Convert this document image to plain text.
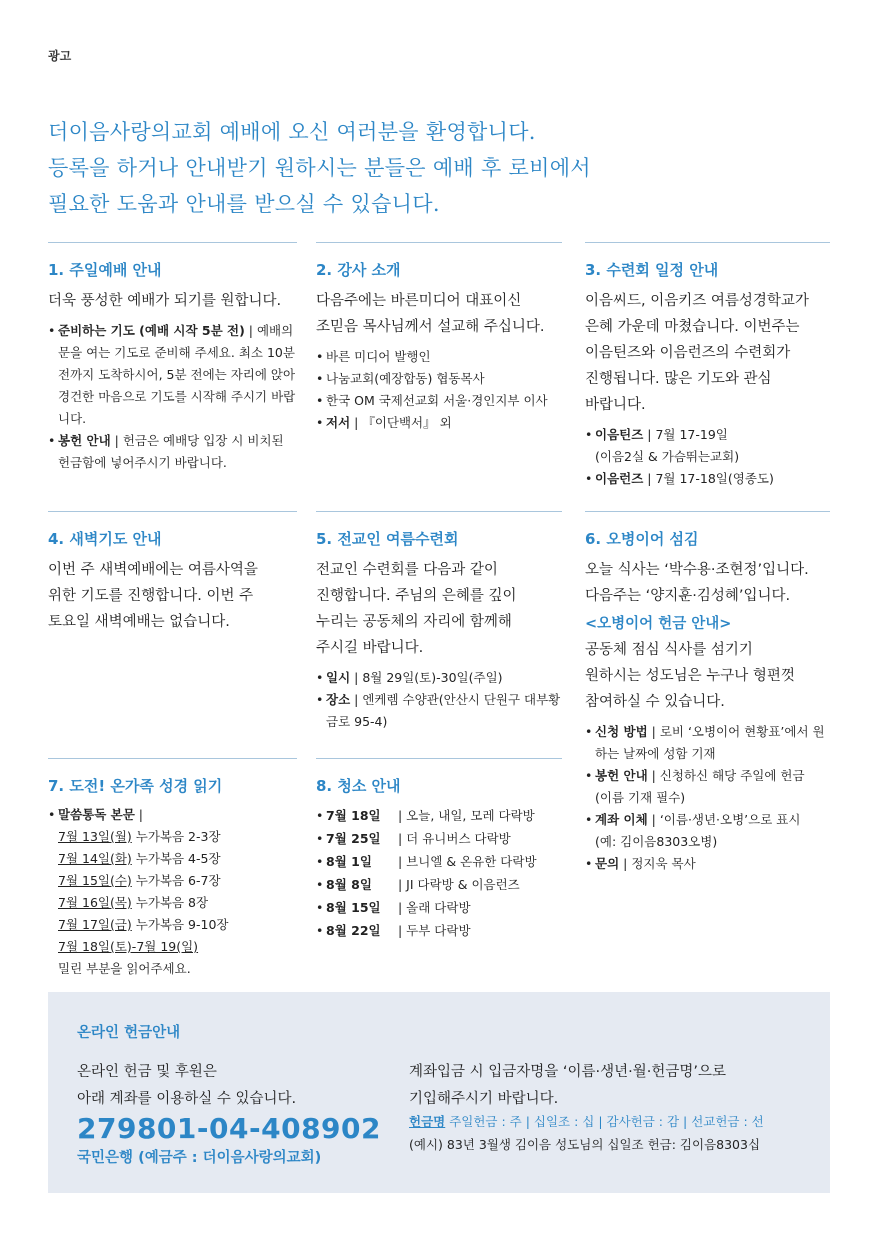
광고
더이음사랑의교회 예배에 오신 여러분을 환영합니다.
등록을 하거나 안내받기 원하시는 분들은 예배 후 로비에서
필요한 도움과 안내를 받으실 수 있습니다.
1. 주일예배 안내
더욱 풍성한 예배가 되기를 원합니다.
• 준비하는 기도 (예배 시작 5분 전) | 예배의 문을 여는 기도로 준비해 주세요. 최소 10분 전까지 도착하시어, 5분 전에는 자리에 앉아 경건한 마음으로 기도를 시작해 주시기 바랍니다.
• 봉헌 안내 | 헌금은 예배당 입장 시 비치된 헌금함에 넣어주시기 바랍니다.
2. 강사 소개
다음주에는 바른미디어 대표이신
조믿음 목사님께서 설교해 주십니다.
• 바른 미디어 발행인
• 나눔교회(예장합동) 협동목사
• 한국 OM 국제선교회 서울·경인지부 이사
• 저서 | 『이단백서』 외
3. 수련회 일정 안내
이음씨드, 이음키즈 여름성경학교가
은혜 가운데 마쳤습니다. 이번주는
이음틴즈와 이음런즈의 수련회가
진행됩니다. 많은 기도와 관심
바랍니다.
• 이음틴즈 | 7월 17-19일
(이음2실 & 가슴뛰는교회)
• 이음런즈 | 7월 17-18일(영종도)
4. 새벽기도 안내
이번 주 새벽예배에는 여름사역을
위한 기도를 진행합니다. 이번 주
토요일 새벽예배는 없습니다.
5. 전교인 여름수련회
전교인 수련회를 다음과 같이
진행합니다. 주님의 은혜를 깊이
누리는 공동체의 자리에 함께해
주시길 바랍니다.
• 일시 | 8월 29일(토)-30일(주일)
• 장소 | 엔케렘 수양관(안산시 단원구 대부황금로 95-4)
6. 오병이어 섬김
오늘 식사는 ‘박수용·조현정’입니다.
다음주는 ‘양지훈·김성혜’입니다.
<오병이어 헌금 안내>
공동체 점심 식사를 섬기기
원하시는 성도님은 누구나 형편껏
참여하실 수 있습니다.
• 신청 방법 | 로비 ‘오병이어 현황표’에서 원하는 날짜에 성함 기재
• 봉헌 안내 | 신청하신 해당 주일에 헌금
(이름 기재 필수)
• 계좌 이체 | ‘이름·생년·오병’으로 표시
(예: 김이음8303오병)
• 문의 | 정지욱 목사
7. 도전! 온가족 성경 읽기
• 말씀통독 본문 |
7월 13일(월) 누가복음 2-3장
7월 14일(화) 누가복음 4-5장
7월 15일(수) 누가복음 6-7장
7월 16일(목) 누가복음 8장
7월 17일(금) 누가복음 9-10장
7월 18일(토)-7월 19(일)
밀린 부분을 읽어주세요.
8. 청소 안내
• 7월 18일	| 오늘, 내일, 모레 다락방
• 7월 25일	| 더 유니버스 다락방
• 8월 1일	| 브니엘 & 온유한 다락방
• 8월 8일	| JI 다락방 & 이음런즈
• 8월 15일	| 올래 다락방
• 8월 22일	| 두부 다락방
온라인 헌금안내
온라인 헌금 및 후원은
아래 계좌를 이용하실 수 있습니다.
279801-04-408902
국민은행 (예금주 : 더이음사랑의교회)
계좌입금 시 입금자명을 ‘이름·생년·월·헌금명’으로
기입해주시기 바랍니다.
헌금명 주일헌금 : 주 | 십일조 : 십 | 감사헌금 : 감 | 선교헌금 : 선
(예시) 83년 3월생 김이음 성도님의 십일조 헌금: 김이음8303십
